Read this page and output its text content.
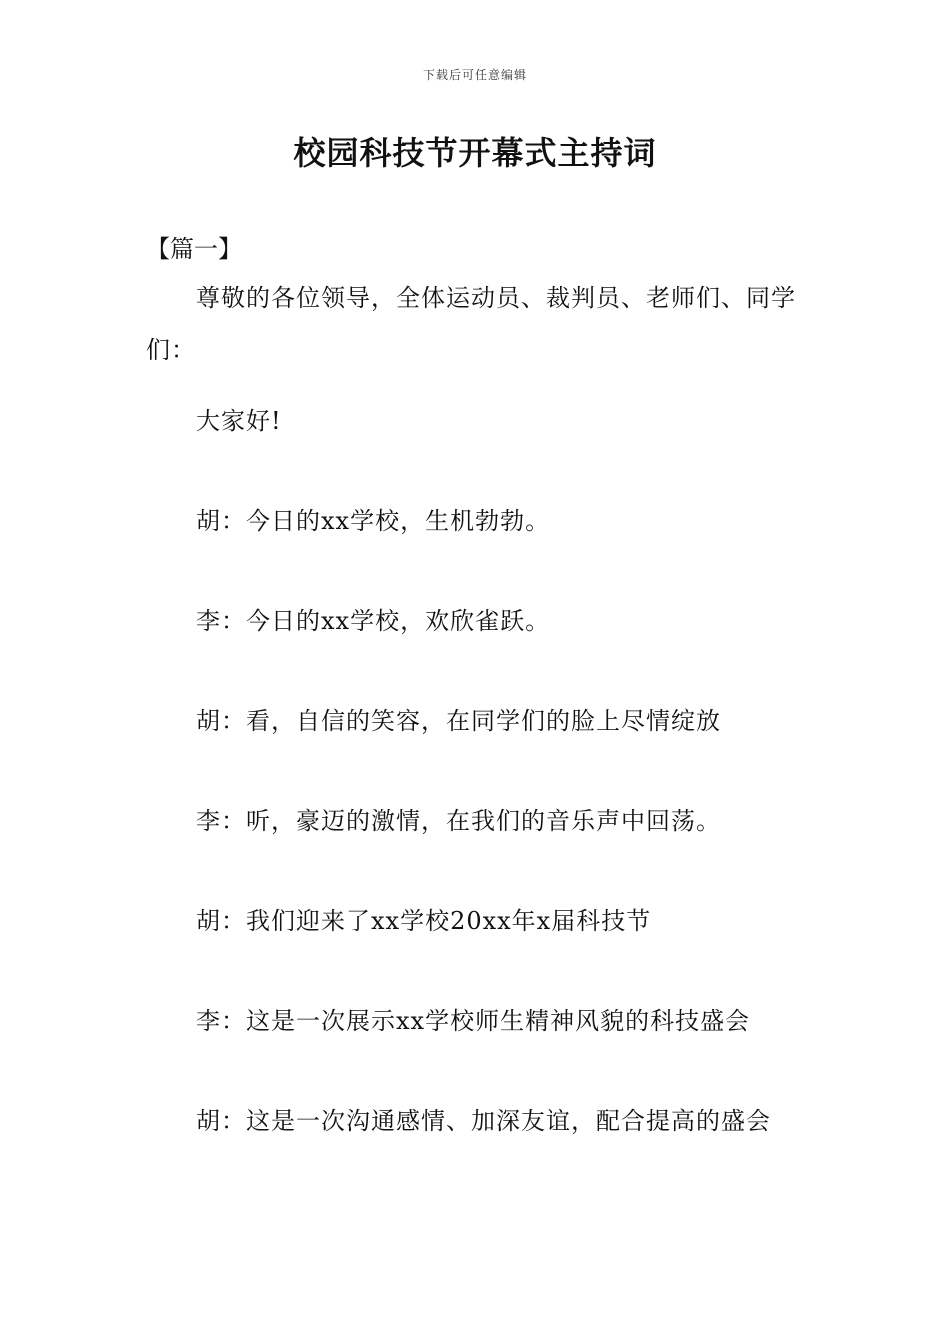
下载后可任意编辑
校园科技节开幕式主持词
【篇一】

尊敬的各位领导，全体运动员、裁判员、老师们、同学们：

大家好!
胡：今日的xx学校，生机勃勃。
李：今日的xx学校，欢欣雀跃。
胡：看，自信的笑容，在同学们的脸上尽情绽放
李：听，豪迈的激情，在我们的音乐声中回荡。
胡：我们迎来了xx学校20xx年x届科技节
李：这是一次展示xx学校师生精神风貌的科技盛会
胡：这是一次沟通感情、加深友谊，配合提高的盛会
